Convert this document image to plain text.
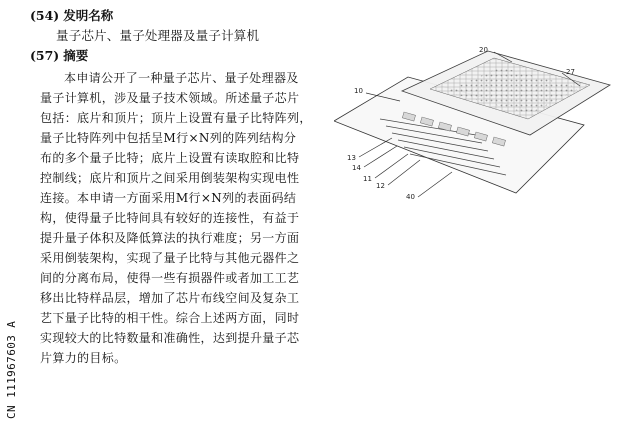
CN 111967603 A
(54) 发明名称
量子芯片、量子处理器及量子计算机
(57) 摘要

本申请公开了一种量子芯片、量子处理器及
量子计算机，涉及量子技术领域。所述量子芯片
包括：底片和顶片；顶片上设置有量子比特阵列，
量子比特阵列中包括呈M行×N列的阵列结构分
布的多个量子比特；底片上设置有读取腔和比特
控制线；底片和顶片之间采用倒装架构实现电性
连接。本申请一方面采用M行×N列的表面码结
构，使得量子比特间具有较好的连接性，有益于
提升量子体积及降低算法的执行难度；另一方面
采用倒装架构，实现了量子比特与其他元器件之
间的分离布局，使得一些有损器件或者加工工艺
移出比特样品层，增加了芯片布线空间及复杂工
艺下量子比特的相干性。综合上述两方面，同时
实现较大的比特数量和准确性，达到提升量子芯
片算力的目标。

10
20
27
13
14
11
12
40
